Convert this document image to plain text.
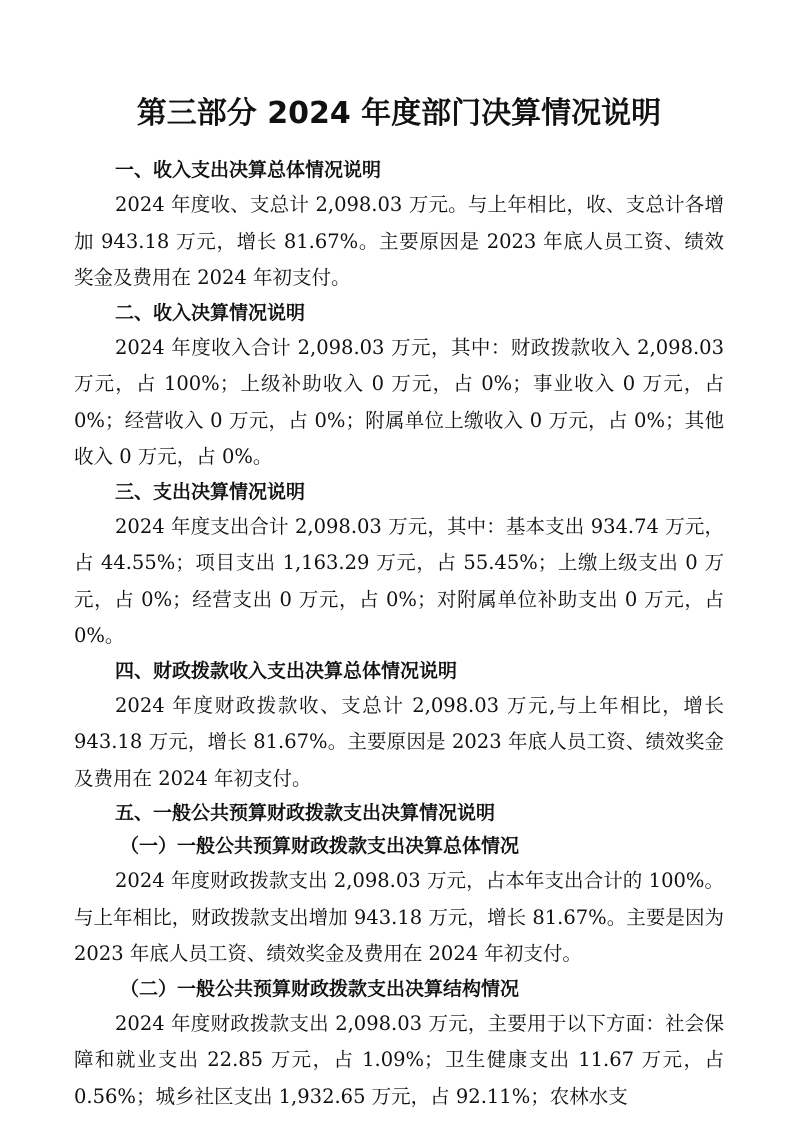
第三部分 2024 年度部门决算情况说明

一、收入支出决算总体情况说明

2024 年度收、支总计 2,098.03 万元。与上年相比，收、支总计各增加 943.18 万元，增长 81.67%。主要原因是 2023 年底人员工资、绩效奖金及费用在 2024 年初支付。

二、收入决算情况说明

2024 年度收入合计 2,098.03 万元，其中：财政拨款收入 2,098.03 万元，占 100%；上级补助收入 0 万元，占 0%；事业收入 0 万元，占 0%；经营收入 0 万元，占 0%；附属单位上缴收入 0 万元，占 0%；其他收入 0 万元，占 0%。

三、支出决算情况说明

2024 年度支出合计 2,098.03 万元，其中：基本支出 934.74 万元，占 44.55%；项目支出 1,163.29 万元，占 55.45%；上缴上级支出 0 万元，占 0%；经营支出 0 万元，占 0%；对附属单位补助支出 0 万元，占 0%。

四、财政拨款收入支出决算总体情况说明

2024 年度财政拨款收、支总计 2,098.03 万元,与上年相比，增长 943.18 万元，增长 81.67%。主要原因是 2023 年底人员工资、绩效奖金及费用在 2024 年初支付。

五、一般公共预算财政拨款支出决算情况说明

（一）一般公共预算财政拨款支出决算总体情况

2024 年度财政拨款支出 2,098.03 万元，占本年支出合计的 100%。与上年相比，财政拨款支出增加 943.18 万元，增长 81.67%。主要是因为 2023 年底人员工资、绩效奖金及费用在 2024 年初支付。

（二）一般公共预算财政拨款支出决算结构情况

2024 年度财政拨款支出 2,098.03 万元，主要用于以下方面：社会保障和就业支出 22.85 万元，占 1.09%；卫生健康支出 11.67 万元，占 0.56%；城乡社区支出 1,932.65 万元，占 92.11%；农林水支
